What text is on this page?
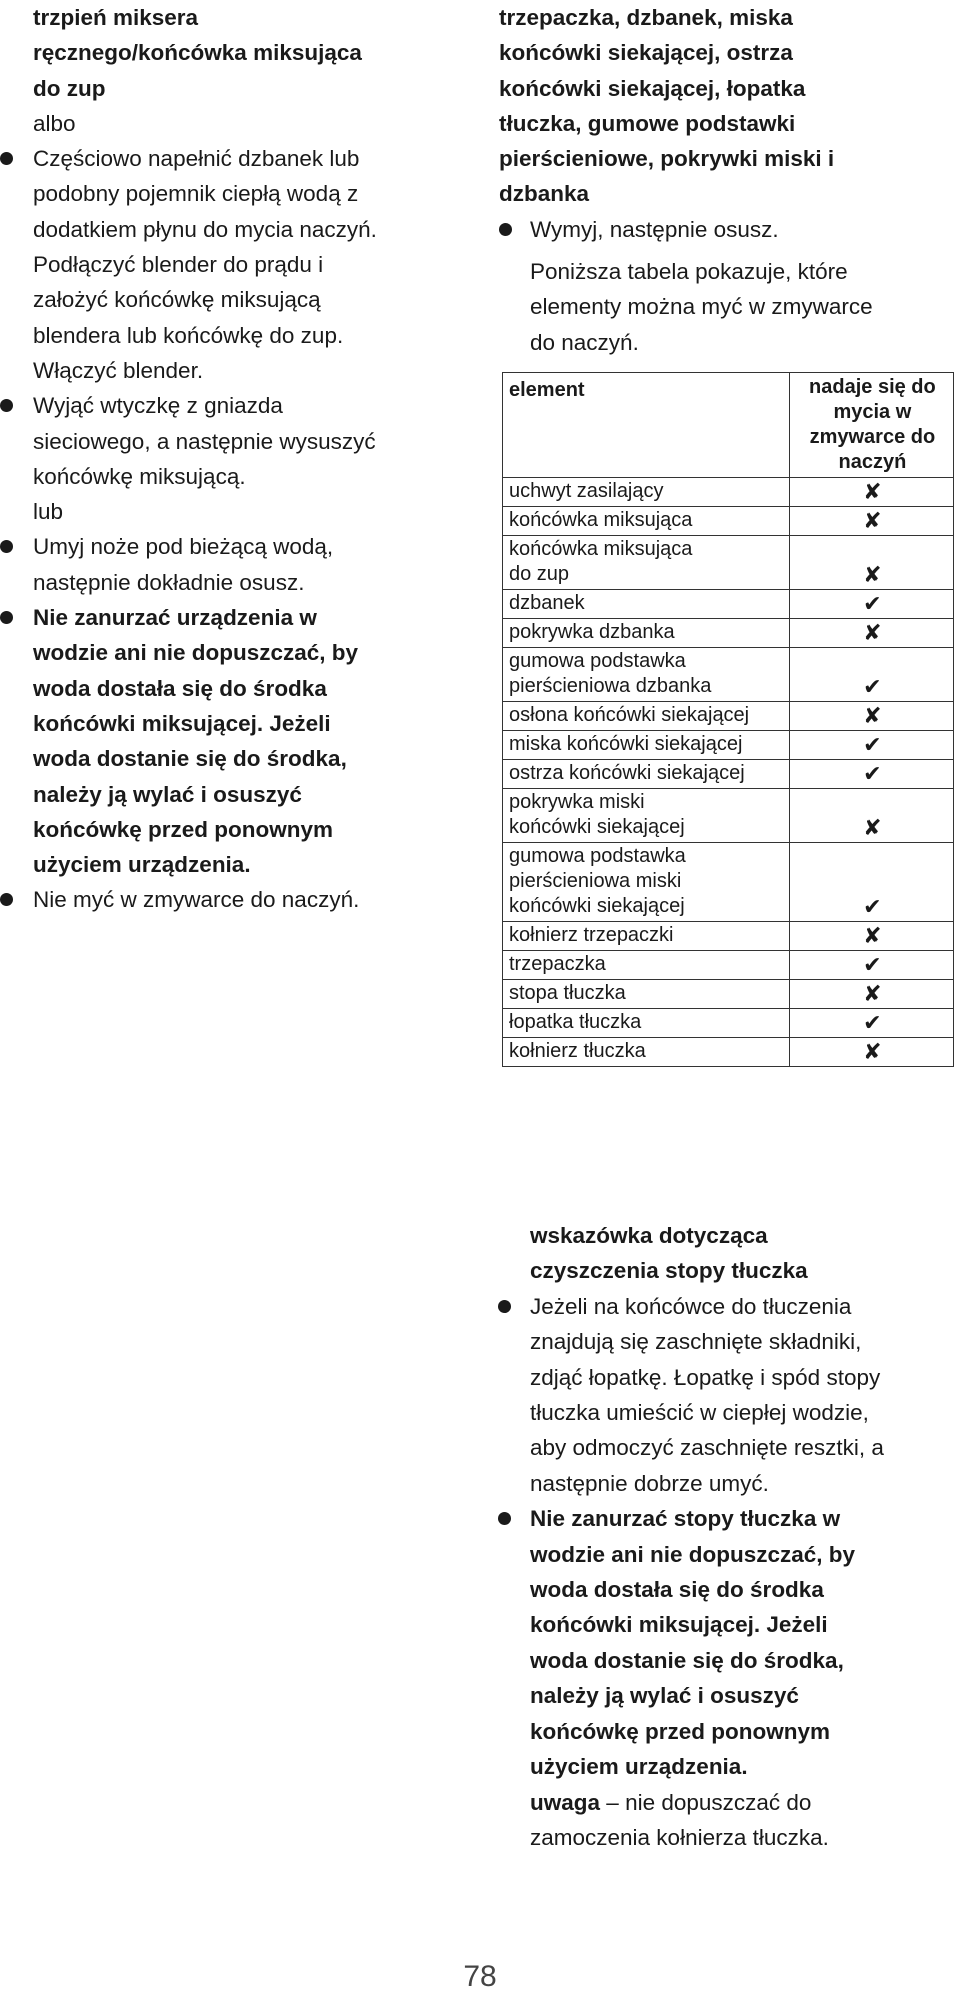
trzpień miksera
ręcznego/końcówka miksująca
do zup
albo
Częściowo napełnić dzbanek lub
podobny pojemnik ciepłą wodą z
dodatkiem płynu do mycia naczyń.
Podłączyć blender do prądu i
założyć końcówkę miksującą
blendera lub końcówkę do zup.
Włączyć blender.
Wyjąć wtyczkę z gniazda
sieciowego, a następnie wysuszyć
końcówkę miksującą.
lub
Umyj noże pod bieżącą wodą,
następnie dokładnie osusz.
Nie zanurzać urządzenia w
wodzie ani nie dopuszczać, by
woda dostała się do środka
końcówki miksującej. Jeżeli
woda dostanie się do środka,
należy ją wylać i osuszyć
końcówkę przed ponownym
użyciem urządzenia.
Nie myć w zmywarce do naczyń.
trzepaczka, dzbanek, miska
końcówki siekającej, ostrza
końcówki siekającej, łopatka
tłuczka, gumowe podstawki
pierścieniowe, pokrywki miski i
dzbanka
Wymyj, następnie osusz.
Poniższa tabela pokazuje, które
elementy można myć w zmywarce
do naczyń.
element	nadaje się do
mycia w
zmywarce do
naczyń

uchwyt zasilający	✘

końcówka miksująca	✘

końcówka miksująca
do zup	✘

dzbanek	✔

pokrywka dzbanka	✘

gumowa podstawka
pierścieniowa dzbanka	✔

osłona końcówki siekającej	✘

miska końcówki siekającej	✔

ostrza końcówki siekającej	✔

pokrywka miski
końcówki siekającej	✘

gumowa podstawka
pierścieniowa miski
końcówki siekającej	✔

kołnierz trzepaczki	✘

trzepaczka	✔

stopa tłuczka	✘

łopatka tłuczka	✔

kołnierz tłuczka	✘
wskazówka dotycząca
czyszczenia stopy tłuczka
Jeżeli na końcówce do tłuczenia
znajdują się zaschnięte składniki,
zdjąć łopatkę. Łopatkę i spód stopy
tłuczka umieścić w ciepłej wodzie,
aby odmoczyć zaschnięte resztki, a
następnie dobrze umyć.
Nie zanurzać stopy tłuczka w
wodzie ani nie dopuszczać, by
woda dostała się do środka
końcówki miksującej. Jeżeli
woda dostanie się do środka,
należy ją wylać i osuszyć
końcówkę przed ponownym
użyciem urządzenia.
uwaga – nie dopuszczać do
zamoczenia kołnierza tłuczka.
78
